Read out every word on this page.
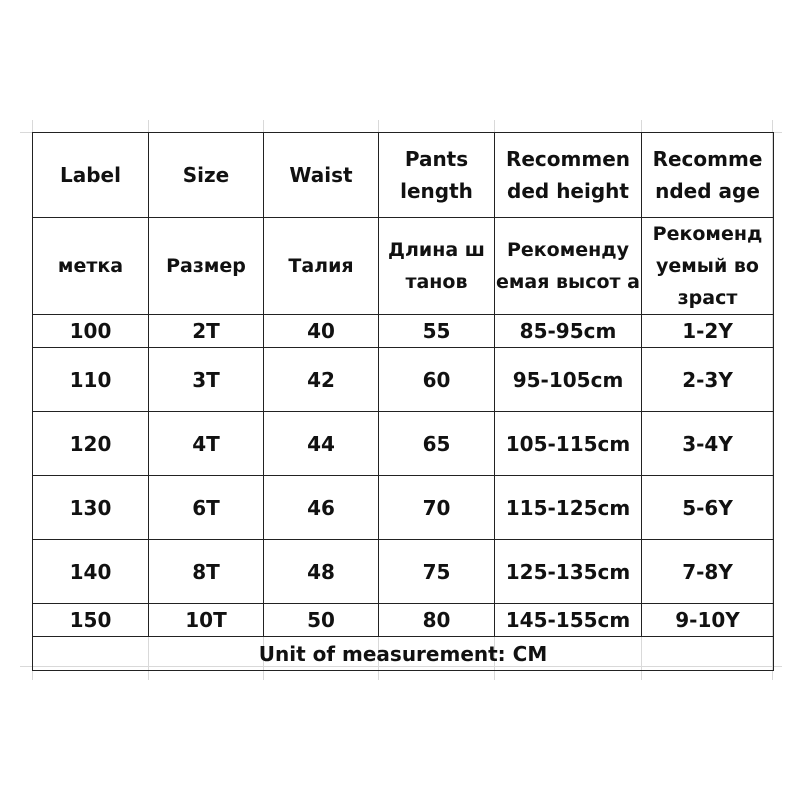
Label	Size	Waist	Pants length	Recommen ded height	Recomme nded age
метка	Размер	Талия	Длина ш танов	Рекоменду емая высот а	Рекоменд уемый во зраст
100	2T	40	55	85-95cm	1-2Y
110	3T	42	60	95-105cm	2-3Y
120	4T	44	65	105-115cm	3-4Y
130	6T	46	70	115-125cm	5-6Y
140	8T	48	75	125-135cm	7-8Y
150	10T	50	80	145-155cm	9-10Y
Unit of measurement: CM					
